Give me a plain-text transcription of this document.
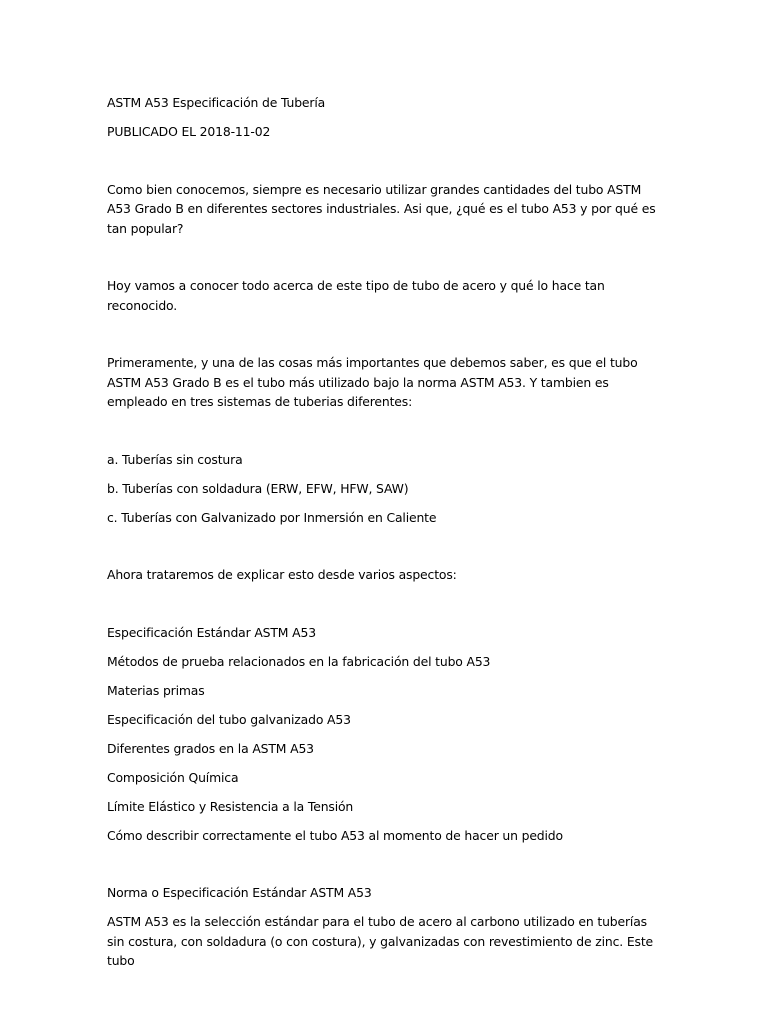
ASTM A53 Especificación de Tubería

PUBLICADO EL 2018-11-02

Como bien conocemos, siempre es necesario utilizar grandes cantidades del tubo ASTM A53 Grado B en diferentes sectores industriales. Asi que, ¿qué es el tubo A53 y por qué es tan popular?

Hoy vamos a conocer todo acerca de este tipo de tubo de acero y qué lo hace tan reconocido.

Primeramente, y una de las cosas más importantes que debemos saber, es que el tubo ASTM A53 Grado B es el tubo más utilizado bajo la norma ASTM A53. Y tambien es empleado en tres sistemas de tuberias diferentes:

a. Tuberías sin costura

b. Tuberías con soldadura (ERW, EFW, HFW, SAW)

c. Tuberías con Galvanizado por Inmersión en Caliente

Ahora trataremos de explicar esto desde varios aspectos:

Especificación Estándar ASTM A53

Métodos de prueba relacionados en la fabricación del tubo A53

Materias primas

Especificación del tubo galvanizado A53

Diferentes grados en la ASTM A53

Composición Química

Límite Elástico y Resistencia a la Tensión

Cómo describir correctamente el tubo A53 al momento de hacer un pedido

Norma o Especificación Estándar ASTM A53

ASTM A53 es la selección estándar para el tubo de acero al carbono utilizado en tuberías sin costura, con soldadura (o con costura), y galvanizadas con revestimiento de zinc. Este tubo
